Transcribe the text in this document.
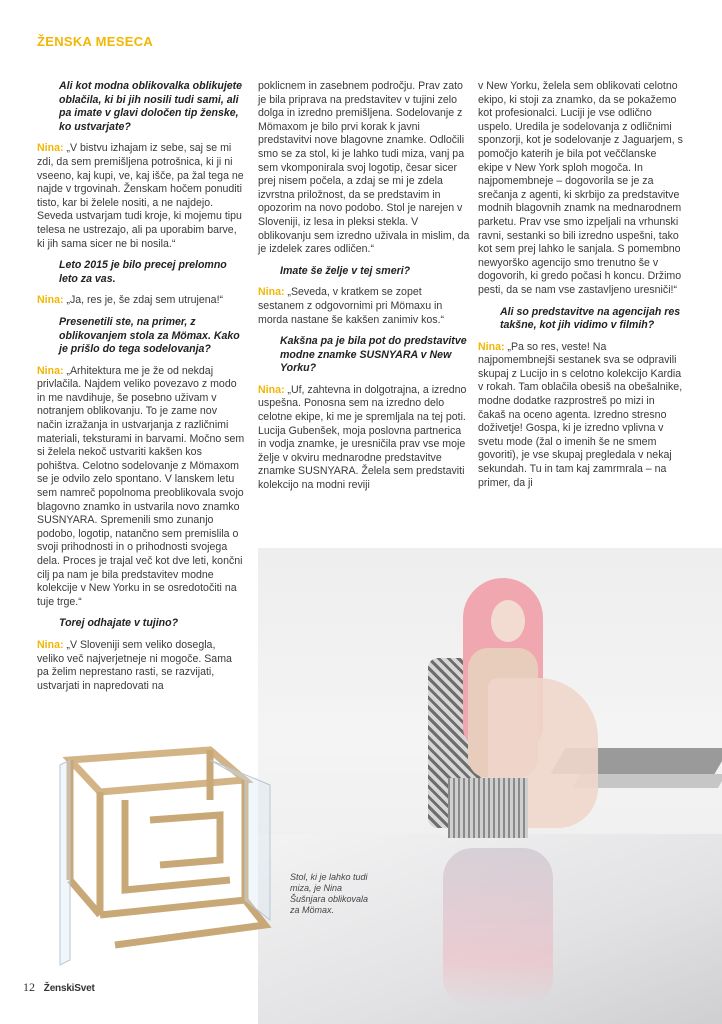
ŽENSKA MESECA

Ali kot modna oblikovalka oblikujete oblačila, ki bi jih nosili tudi sami, ali pa imate v glavi določen tip ženske, ko ustvarjate?

Nina: „V bistvu izhajam iz sebe, saj se mi zdi, da sem premišljena potrošnica, ki ji ni vseeno, kaj kupi, ve, kaj išče, pa žal tega ne najde v trgovinah. Ženskam hočem ponuditi tisto, kar bi želele nositi, a ne najdejo. Seveda ustvarjam tudi kroje, ki mojemu tipu telesa ne ustrezajo, ali pa uporabim barve, ki jih sama sicer ne bi nosila.“

Leto 2015 je bilo precej prelomno leto za vas.

Nina: „Ja, res je, še zdaj sem utrujena!“

Presenetili ste, na primer, z oblikovanjem stola za Mömax. Kako je prišlo do tega sodelovanja?

Nina: „Arhitektura me je že od nekdaj privlačila. Najdem veliko povezavo z modo in me navdihuje, še posebno uživam v notranjem oblikovanju. To je zame nov način izražanja in ustvarjanja z različnimi materiali, teksturami in barvami. Močno sem si želela nekoč ustvariti kakšen kos pohištva. Celotno sodelovanje z Mömaxom se je odvilo zelo spontano. V lanskem letu sem namreč popolnoma preoblikovala svojo blagovno znamko in ustvarila novo znamko SUSNYARA. Spremenili smo zunanjo podobo, logotip, natančno sem premislila o svoji prihodnosti in o prihodnosti svojega dela. Proces je trajal več kot dve leti, končni cilj pa nam je bila predstavitev modne kolekcije v New Yorku in se osredotočiti na tuje trge.“

Torej odhajate v tujino?

Nina: „V Sloveniji sem veliko dosegla, veliko več najverjetneje ni mogoče. Sama pa želim neprestano rasti, se razvijati, ustvarjati in napredovati na

poklicnem in zasebnem področju. Prav zato je bila priprava na predstavitev v tujini zelo dolga in izredno premišljena. Sodelovanje z Mömaxom je bilo prvi korak k javni predstavitvi nove blagovne znamke. Odločili smo se za stol, ki je lahko tudi miza, vanj pa sem vkomponirala svoj logotip, česar sicer prej nisem počela, a zdaj se mi je zdela izvrstna priložnost, da se predstavim in opozorim na novo podobo. Stol je narejen v Sloveniji, iz lesa in pleksi stekla. V oblikovanju sem izredno uživala in mislim, da je izdelek zares odličen.“

Imate še želje v tej smeri?

Nina: „Seveda, v kratkem se zopet sestanem z odgovornimi pri Mömaxu in morda nastane še kakšen zanimiv kos.“

Kakšna pa je bila pot do predstavitve modne znamke SUSNYARA v New Yorku?

Nina: „Uf, zahtevna in dolgotrajna, a izredno uspešna. Ponosna sem na izredno delo celotne ekipe, ki me je spremljala na tej poti. Lucija Gubenšek, moja poslovna partnerica in vodja znamke, je uresničila prav vse moje želje v okviru mednarodne predstavitve znamke SUSNYARA. Želela sem predstaviti kolekcijo na modni reviji

v New Yorku, želela sem oblikovati celotno ekipo, ki stoji za znamko, da se pokažemo kot profesionalci. Luciji je vse odlično uspelo. Uredila je sodelovanja z odličnimi sponzorji, kot je sodelovanje z Jaguarjem, s pomočjo katerih je bila pot veččlanske ekipe v New York sploh mogoča. In najpomembneje – dogovorila se je za srečanja z agenti, ki skrbijo za predstavitve modnih blagovnih znamk na mednarodnem parketu. Prav vse smo izpeljali na vrhunski ravni, sestanki so bili izredno uspešni, tako kot sem prej lahko le sanjala. S pomembno newyorško agencijo smo trenutno še v dogovorih, ki gredo počasi h koncu. Držimo pesti, da se nam vse zastavljeno uresniči!“

Ali so predstavitve na agencijah res takšne, kot jih vidimo v filmih?

Nina: „Pa so res, veste! Na najpomembnejši sestanek sva se odpravili skupaj z Lucijo in s celotno kolekcijo Kardia v rokah. Tam oblačila obesiš na obešalnike, modne dodatke razprostreš po mizi in čakaš na oceno agenta. Izredno stresno doživetje! Gospa, ki je izredno vplivna v svetu mode (žal o imenih še ne smem govoriti), je vse skupaj pregledala v nekaj sekundah. Tu in tam kaj zamrmrala – na primer, da ji

Stol, ki je lahko tudi miza, je Nina Šušnjara oblikovala za Mömax.
12 ŽenskiSvet
